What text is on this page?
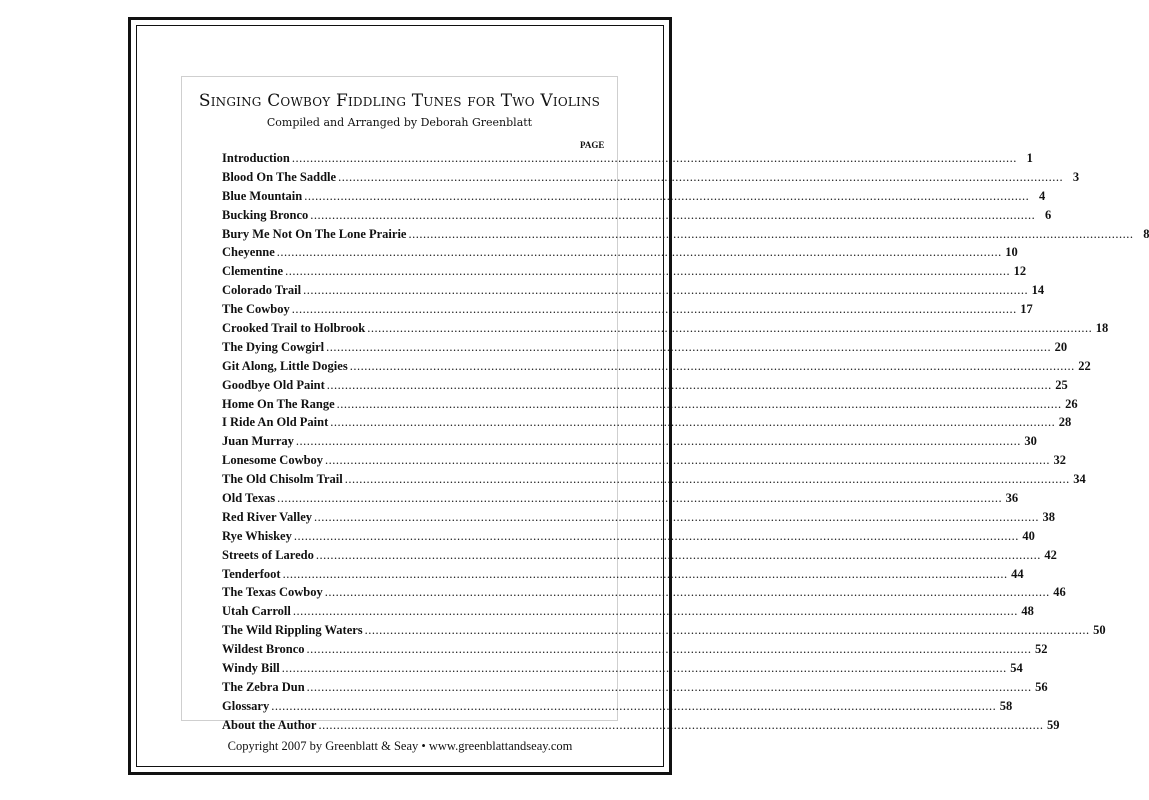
Singing Cowboy Fiddling Tunes for Two Violins
Compiled and Arranged by Deborah Greenblatt
PAGE
Introduction ........................................................................................................................................................................................................ 1
Blood On The Saddle ........................................................................................................................................................................................................ 3
Blue Mountain ........................................................................................................................................................................................................ 4
Bucking Bronco ........................................................................................................................................................................................................ 6
Bury Me Not On The Lone Prairie ........................................................................................................................................................................................................ 8
Cheyenne ........................................................................................................................................................................................................ 10
Clementine ........................................................................................................................................................................................................ 12
Colorado Trail ........................................................................................................................................................................................................ 14
The Cowboy ........................................................................................................................................................................................................ 17
Crooked Trail to Holbrook ........................................................................................................................................................................................................ 18
The Dying Cowgirl ........................................................................................................................................................................................................ 20
Git Along, Little Dogies ........................................................................................................................................................................................................ 22
Goodbye Old Paint ........................................................................................................................................................................................................ 25
Home On The Range ........................................................................................................................................................................................................ 26
I Ride An Old Paint ........................................................................................................................................................................................................ 28
Juan Murray ........................................................................................................................................................................................................ 30
Lonesome Cowboy ........................................................................................................................................................................................................ 32
The Old Chisolm Trail ........................................................................................................................................................................................................ 34
Old Texas ........................................................................................................................................................................................................ 36
Red River Valley ........................................................................................................................................................................................................ 38
Rye Whiskey ........................................................................................................................................................................................................ 40
Streets of Laredo ........................................................................................................................................................................................................ 42
Tenderfoot ........................................................................................................................................................................................................ 44
The Texas Cowboy ........................................................................................................................................................................................................ 46
Utah Carroll ........................................................................................................................................................................................................ 48
The Wild Rippling Waters ........................................................................................................................................................................................................ 50
Wildest Bronco ........................................................................................................................................................................................................ 52
Windy Bill ........................................................................................................................................................................................................ 54
The Zebra Dun ........................................................................................................................................................................................................ 56
Glossary ........................................................................................................................................................................................................ 58
About the Author ........................................................................................................................................................................................................ 59
Copyright 2007 by Greenblatt & Seay • www.greenblattandseay.com
